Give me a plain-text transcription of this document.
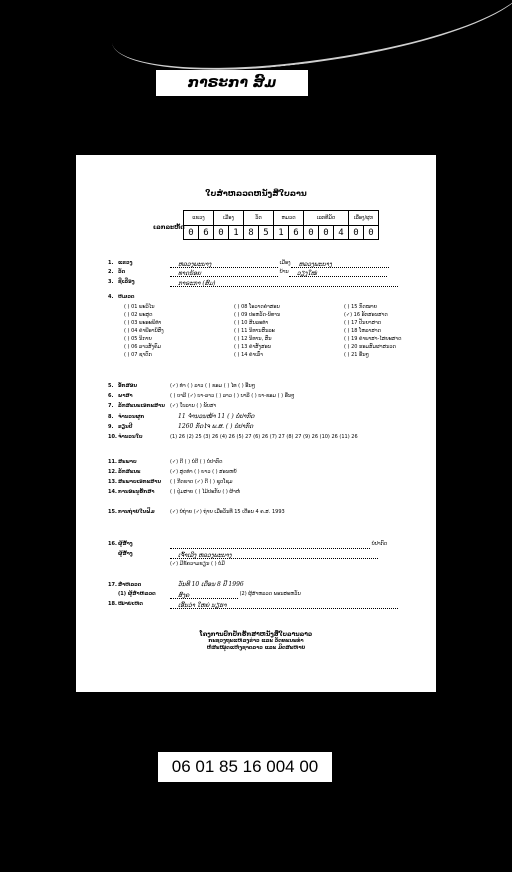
ກາຣະກາ ສົມ
ໃບສຳຫລວດຫນັງສືໃບລານ
ເລກລະຫັດ
ແຂວງ		ເມືອງ		ວັດ		ຫມວດ		ເລກທີມັດ			ເລື່ອງ/ຜູກ	
0	6	0	1	8	5	1	6	0	0	4	0	0
1. ແຂວງ	ຫລວງພະບາງ	ເມືອງ ຫລວງພະບາງ
2. ວັດ	ທາດນ້ອຍ	ບ້ານ ວຽງໃໝ່
3. ຊື່ເລື່ອງ	ກາຣະກາ (ສົມ)
4. ຫມວດ
( ) 01 ພະວິໄນ	( ) 08 ໂອວາດຄຳສອນ	( ) 15 ກົດໝາຍ
( ) 02 ພະສູດ	( ) 09 ປະຫວັດ-ນິທານ	(✓) 16 ອັກສອນສາດ
( ) 03 ພະອະພິທຳ	( ) 10 ສິນລະທຳ	( ) 17 ປັນຍາສາດ
( ) 04 ຄຳພີອານິສົງ	( ) 11 ນິທານສົນລະ	( ) 18 ໂຫລາສາດ
( ) 05 ນິກາຍ	( ) 12 ນິທານ, ສົນ	( ) 19 ຄຳພາສາ-ໄສຍະສາດ
( ) 06 ລາວສັງຄົມ	( ) 13 ຄຳສັ່ງສອນ	( ) 20 ຮອມສົມຜາສນວດ
( ) 07 ຊາດົກ	( ) 14 ຄຳເລົ່າ	( ) 21 ອື່ນໆ
5. ອັກສອນ	(✓) ທຳ ( ) ລາວ ( ) ຂອມ ( ) ໄທ ( ) ອື່ນໆ
6. ພາສາ	( ) ບາລີ (✓) ບາ-ລາວ ( ) ລາວ ( ) ບາລີ ( ) ບາ-ຂອມ ( ) ອື່ນໆ
7. ລັກສະນະເອກະສານ (✓) ໃບລານ ( ) ພັບສາ
8. ຈຳນວນຜູກ	11 ຈຳນວນໜ້າ 11 ( ) ບໍ່ປາກົດ
9. ຂຽນປີ	1260 ກັດໄຈ ພ.ສ. ( ) ບໍ່ປາກົດ
10.ຈຳນວນໃບ	(1) 26 (2) 25 (3) 26 (4) 26 (5) 27 (6) 26 (7) 27 (8) 27 (9) 26 (10) 26 (11) 26
11.ສະພາບ	(✓) ດີ ( ) ບໍ່ດີ ( ) ບໍ່ປາກົດ
12.ລັກສະນະ	(✓) ສູດທຳ ( ) ຍາວ ( ) ສອນຫຍໍ້
13.ສະພາບເອກະສານ ( ) ກີດຂາດ (✓) ດີ ( ) ຊຸດໂຊມ
14.ການອະນຸຮັກສາ	( ) ປຸ່ມສາຍ ( ) ໄມ້ປະກັບ ( ) ຜ້າຫໍ່
15.ການຖ່າຍໃນຟິມ	(✓) ບໍ່ຖ່າຍ (✓) ຖ່າຍ ເມື່ອວັນທີ 15 ເດືອນ 4 ຄ.ສ. 1993
16.ຜູ້ສ້າງ	ບໍ່ປາກົດ
ຜູ້ສ້າງ	ເຈົ້າເລີງ ຫລວງພະບາງ
(✓) ມີຂໍ້ຄວາມຂຽນ ( ) ບໍ່ມີ
17.ສຳຫລວດ	ວັນທີ 10 ເດືອນ 8 ປີ 1996
(1) ຜູ້ສຳຫລວດ	ສົງຄ	(2) ຜູ້ສຳຫລວດ ພອນສະຫວັນ
18.ໝາຍເຫດ	ເອີ້ນວ່າ ໃຫຍ່ ນຽຮາ
ໂຄງການປົກປັກຮັກສາຫນັງສືໃບລານລາວ
ກະຊວງຖະແຫລງຂ່າວ ແລະ ວັດທະນະທຳ
ຫໍສະໝຸດແຫ່ງຊາດລາວ ແລະ ມິດສະຫາຍ
06 01 85 16 004 00
